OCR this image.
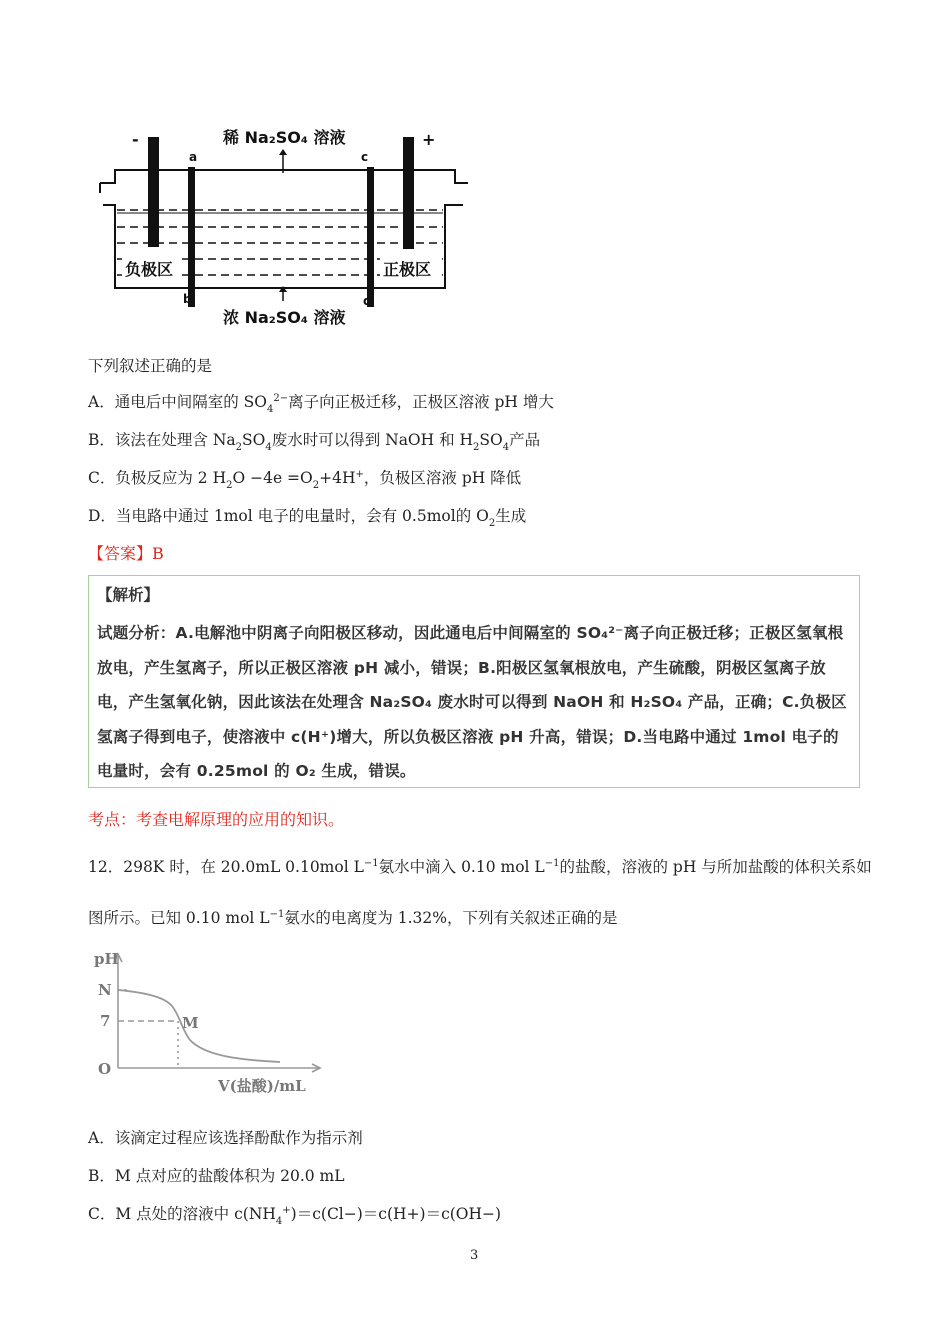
稀 Na₂SO₄ 溶液
浓 Na₂SO₄ 溶液
负极区	正极区
-	+
a	c
b	d
下列叙述正确的是
A．通电后中间隔室的 $SO_4^{2-}$离子向正极迁移，正极区溶液 pH 增大
B．该法在处理含 $Na_2SO_4$废水时可以得到 NaOH 和 $H_2SO_4$产品
C．负极反应为 2 $H_2O -4e =O_2+4H^+$，负极区溶液 pH 降低
D．当电路中通过 1mol 电子的电量时，会有 0.5mol的 $O_2$生成
【答案】B
【解析】
试题分析：A.电解池中阴离子向阳极区移动，因此通电后中间隔室的 SO₄²⁻离子向正极迁移；正极区氢氧根放电，产生氢离子，所以正极区溶液 pH 减小，错误；B.阳极区氢氧根放电，产生硫酸，阴极区氢离子放电，产生氢氧化钠，因此该法在处理含 Na₂SO₄ 废水时可以得到 NaOH 和 H₂SO₄ 产品，正确；C.负极区氢离子得到电子，使溶液中 c(H⁺)增大，所以负极区溶液 pH 升高，错误；D.当电路中通过 1mol 电子的电量时，会有 0.25mol 的 O₂ 生成，错误。
考点：考查电解原理的应用的知识。
12．298K 时，在 20.0mL 0.10mol $L^{-1}$氨水中滴入 0.10 mol $L^{-1}$的盐酸，溶液的 pH 与所加盐酸的体积关系如
图所示。已知 0.10 mol $L^{-1}$氨水的电离度为 1.32%，下列有关叙述正确的是
pH
N
7
O
M
V(盐酸)/mL
A．该滴定过程应该选择酚酞作为指示剂
B．M 点对应的盐酸体积为 20.0 mL
C．M 点处的溶液中 $c(NH_4^+)=c(Cl-)=c(H+)=c(OH-)$
3
